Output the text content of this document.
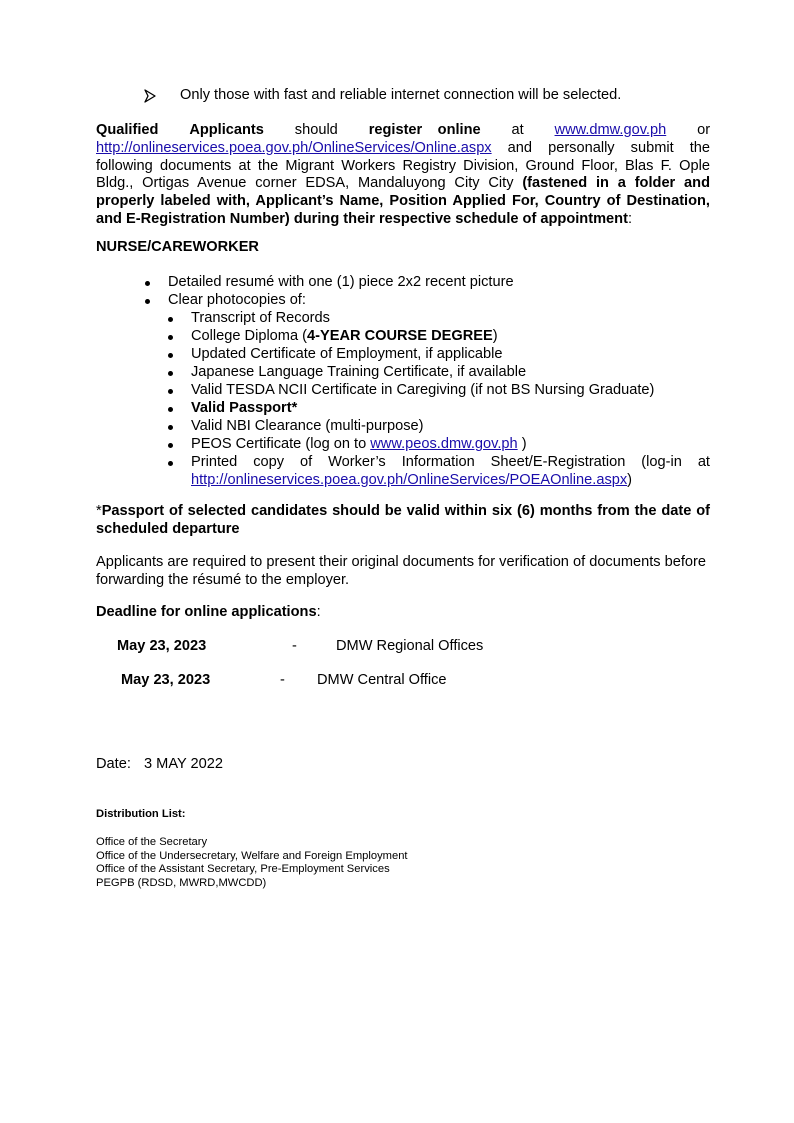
Only those with fast and reliable internet connection will be selected.
Qualified Applicants should register online at www.dmw.gov.ph or
http://onlineservices.poea.gov.ph/OnlineServices/Online.aspx and personally submit the following documents at the Migrant Workers Registry Division, Ground Floor, Blas F. Ople Bldg., Ortigas Avenue corner EDSA, Mandaluyong City City (fastened in a folder and properly labeled with, Applicant’s Name, Position Applied For, Country of Destination, and E-Registration Number) during their respective schedule of appointment:
NURSE/CAREWORKER
Detailed resumé with one (1) piece 2x2 recent picture
Clear photocopies of:
Transcript of Records
College Diploma (4-YEAR COURSE DEGREE)
Updated Certificate of Employment, if applicable
Japanese Language Training Certificate, if available
Valid TESDA NCII Certificate in Caregiving (if not BS Nursing Graduate)
Valid Passport*
Valid NBI Clearance (multi-purpose)
PEOS Certificate (log on to www.peos.dmw.gov.ph )
Printed copy of Worker’s Information Sheet/E-Registration (log-in at
http://onlineservices.poea.gov.ph/OnlineServices/POEAOnline.aspx)
*Passport of selected candidates should be valid within six (6) months from the date of scheduled departure
Applicants are required to present their original documents for verification of documents before forwarding the résumé to the employer.
Deadline for online applications:
May 23, 2023	-	DMW Regional Offices
May 23, 2023	- DMW Central Office
Date: 3 MAY 2022
Distribution List:
Office of the Secretary
Office of the Undersecretary, Welfare and Foreign Employment
Office of the Assistant Secretary, Pre-Employment Services
PEGPB (RDSD, MWRD,MWCDD)
